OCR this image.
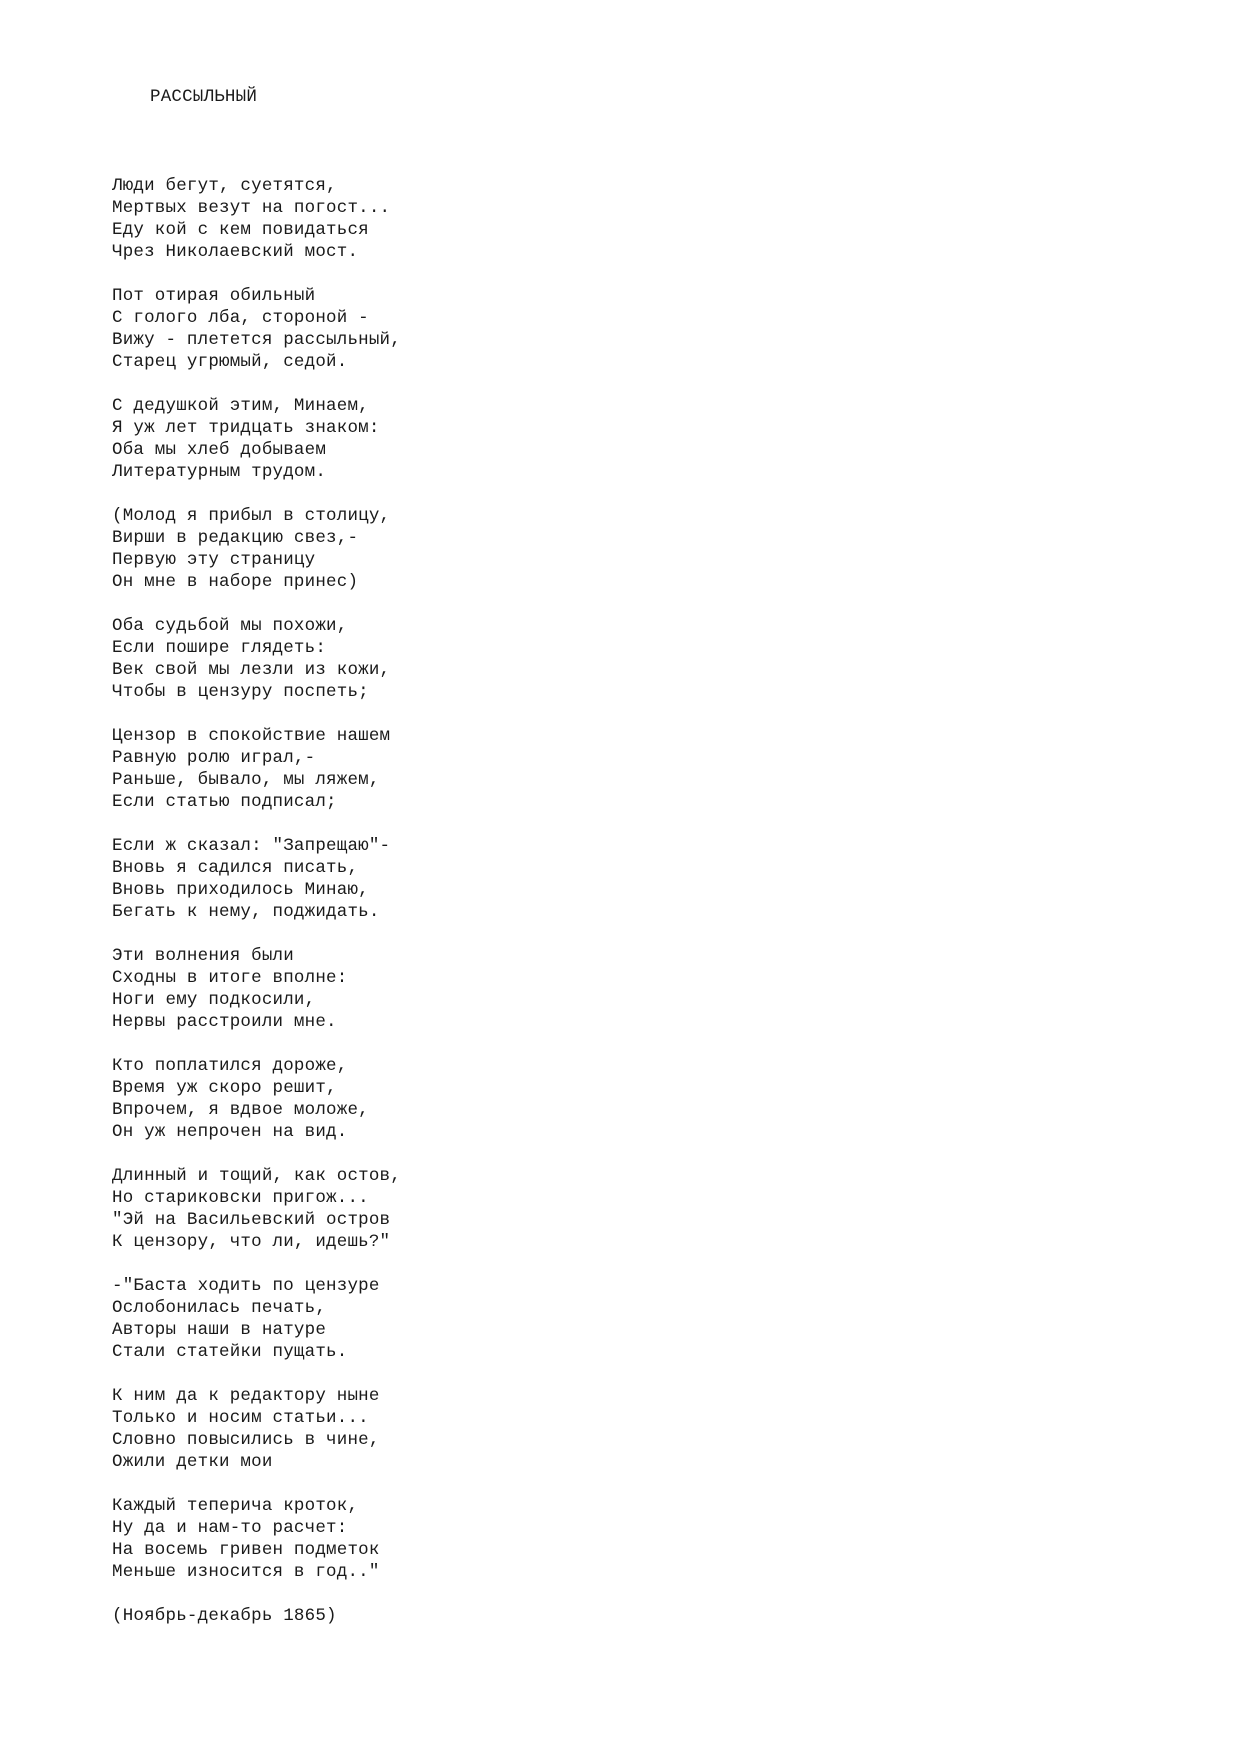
РАССЫЛЬНЫЙ
Люди бегут, суетятся,
Мертвых везут на погост...
Еду кой с кем повидаться
Чрез Николаевский мост.
Пот отирая обильный
С голого лба, стороной -
Вижу - плетется рассыльный,
Старец угрюмый, седой.
С дедушкой этим, Минаем,
Я уж лет тридцать знаком:
Оба мы хлеб добываем
Литературным трудом.
(Молод я прибыл в столицу,
Вирши в редакцию свез,-
Первую эту страницу
Он мне в наборе принес)
Оба судьбой мы похожи,
Если пошире глядеть:
Век свой мы лезли из кожи,
Чтобы в цензуру поспеть;
Цензор в спокойствие нашем
Равную ролю играл,-
Раньше, бывало, мы ляжем,
Если статью подписал;
Если ж сказал: "Запрещаю"-
Вновь я садился писать,
Вновь приходилось Минаю,
Бегать к нему, поджидать.
Эти волнения были
Сходны в итоге вполне:
Ноги ему подкосили,
Нервы расстроили мне.
Кто поплатился дороже,
Время уж скоро решит,
Впрочем, я вдвое моложе,
Он уж непрочен на вид.
Длинный и тощий, как остов,
Но стариковски пригож...
"Эй на Васильевский остров
К цензору, что ли, идешь?"
-"Баста ходить по цензуре
Ослобонилась печать,
Авторы наши в натуре
Стали статейки пущать.
К ним да к редактору ныне
Только и носим статьи...
Словно повысились в чине,
Ожили детки мои
Каждый теперича кроток,
Ну да и нам-то расчет:
На восемь гривен подметок
Меньше износится в год.."
(Ноябрь-декабрь 1865)
